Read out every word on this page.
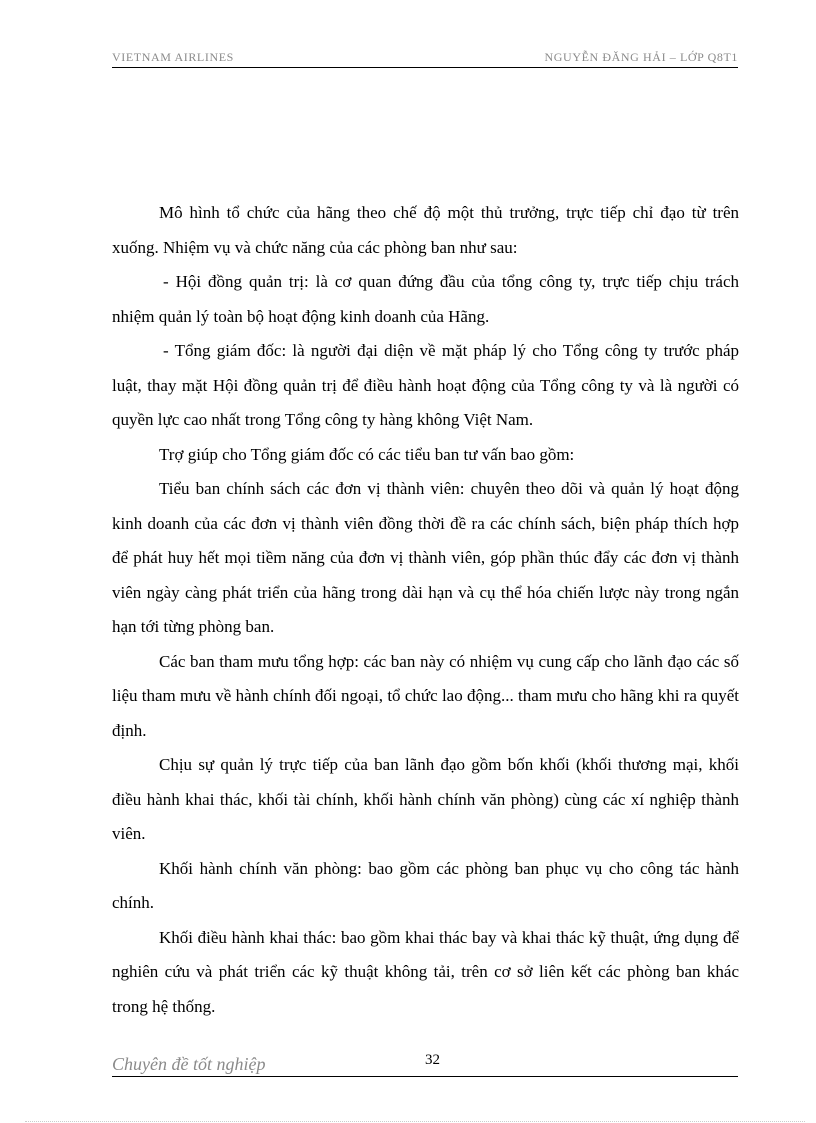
VIETNAM AIRLINES	NGUYỄN ĐĂNG HẢI – LỚP Q8T1

Mô hình tổ chức của hãng theo chế độ một thủ trưởng, trực tiếp chỉ đạo từ trên xuống. Nhiệm vụ và chức năng của các phòng ban như sau:

- Hội đồng quản trị: là cơ quan đứng đầu của tổng công ty, trực tiếp chịu trách nhiệm quản lý toàn bộ hoạt động kinh doanh của Hãng.

- Tổng giám đốc: là người đại diện về mặt pháp lý cho Tổng công ty trước pháp luật, thay mặt Hội đồng quản trị để điều hành hoạt động của Tổng công ty và là người có quyền lực cao nhất trong Tổng công ty hàng không Việt Nam.

Trợ giúp cho Tổng giám đốc có các tiểu ban tư vấn bao gồm:

Tiểu ban chính sách các đơn vị thành viên: chuyên theo dõi và quản lý hoạt động kinh doanh của các đơn vị thành viên đồng thời đề ra các chính sách, biện pháp thích hợp để phát huy hết mọi tiềm năng của đơn vị thành viên, góp phần thúc đẩy các đơn vị thành viên ngày càng phát triển của hãng trong dài hạn và cụ thể hóa chiến lược này trong ngắn hạn tới từng phòng ban.

Các ban tham mưu tổng hợp: các ban này có nhiệm vụ cung cấp cho lãnh đạo các số liệu tham mưu về hành chính đối ngoại, tổ chức lao động... tham mưu cho hãng khi ra quyết định.

Chịu sự quản lý trực tiếp của ban lãnh đạo gồm bốn khối (khối thương mại, khối điều hành khai thác, khối tài chính, khối hành chính văn phòng) cùng các xí nghiệp thành viên.

Khối hành chính văn phòng: bao gồm các phòng ban phục vụ cho công tác hành chính.

Khối điều hành khai thác: bao gồm khai thác bay và khai thác kỹ thuật, ứng dụng để nghiên cứu và phát triển các kỹ thuật không tải, trên cơ sở liên kết các phòng ban khác trong hệ thống.

Chuyên đề tốt nghiệp	32
